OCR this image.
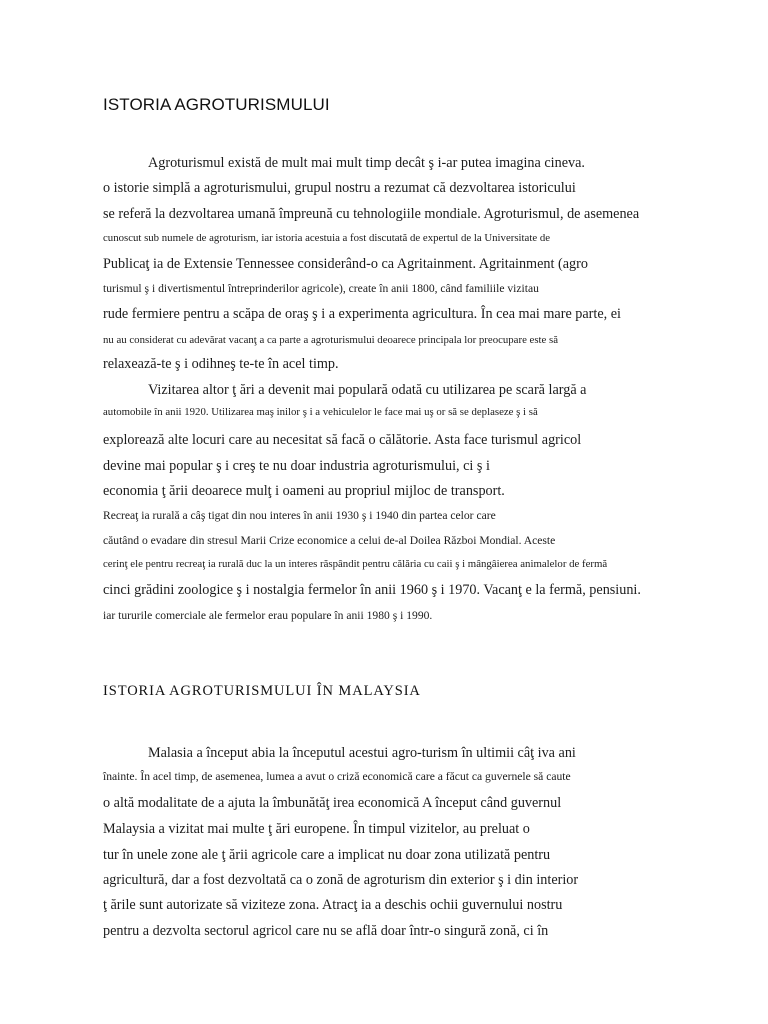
ISTORIA AGROTURISMULUI
Agroturismul există de mult mai mult timp decât ş i-ar putea imagina cineva.
o istorie simplă a agroturismului, grupul nostru a rezumat că dezvoltarea istoricului
se referă la dezvoltarea umană împreună cu tehnologiile mondiale. Agroturismul, de asemenea
cunoscut sub numele de agroturism, iar istoria acestuia a fost discutată de expertul de la Universitate de
Publicaţ ia de Extensie Tennessee considerând-o ca Agritainment. Agritainment (agro
turismul ş i divertismentul întreprinderilor agricole), create în anii 1800, când familiile vizitau
rude fermiere pentru a scăpa de oraş ş i a experimenta agricultura. În cea mai mare parte, ei
nu au considerat cu adevărat vacanţ a ca parte a agroturismului deoarece principala lor preocupare este să
relaxează-te ş i odihneş te-te în acel timp.
Vizitarea altor ţ ări a devenit mai populară odată cu utilizarea pe scară largă a
automobile în anii 1920. Utilizarea maş inilor ş i a vehiculelor le face mai uş or să se deplaseze ş i să
explorează alte locuri care au necesitat să facă o călătorie. Asta face turismul agricol
devine mai popular ş i creş te nu doar industria agroturismului, ci ş i
economia ţ ării deoarece mulţ i oameni au propriul mijloc de transport.
Recreaţ ia rurală a câş tigat din nou interes în anii 1930 ş i 1940 din partea celor care
căutând o evadare din stresul Marii Crize economice a celui de-al Doilea Război Mondial. Aceste
cerinţ ele pentru recreaţ ia rurală duc la un interes răspândit pentru călăria cu caii ş i mângâierea animalelor de fermă
cinci grădini zoologice ş i nostalgia fermelor în anii 1960 ş i 1970. Vacanţ e la fermă, pensiuni.
iar tururile comerciale ale fermelor erau populare în anii 1980 ş i 1990.
ISTORIA AGROTURISMULUI ÎN MALAYSIA
Malasia a început abia la începutul acestui agro-turism în ultimii câţ iva ani
înainte. În acel timp, de asemenea, lumea a avut o criză economică care a făcut ca guvernele să caute
o altă modalitate de a ajuta la îmbunătăţ irea economică A început când guvernul
Malaysia a vizitat mai multe ţ ări europene. În timpul vizitelor, au preluat o
tur în unele zone ale ţ ării agricole care a implicat nu doar zona utilizată pentru
agricultură, dar a fost dezvoltată ca o zonă de agroturism din exterior ş i din interior
ţ ările sunt autorizate să viziteze zona. Atracţ ia a deschis ochii guvernului nostru
pentru a dezvolta sectorul agricol care nu se află doar într-o singură zonă, ci în
